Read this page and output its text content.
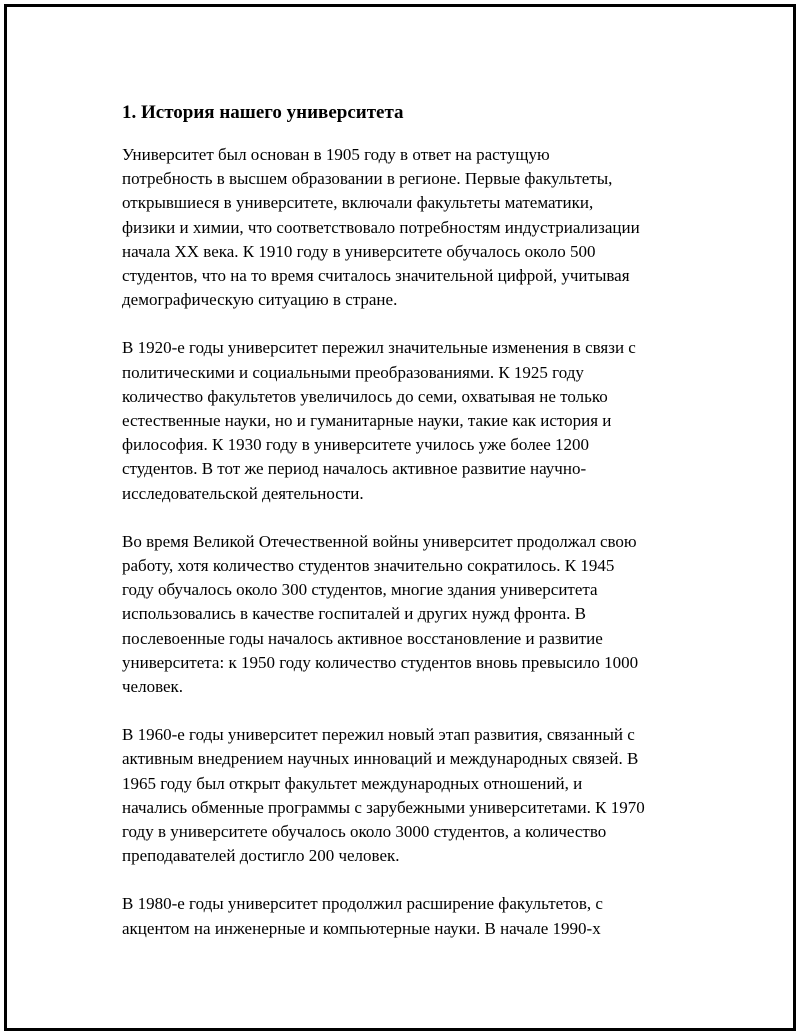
1. История нашего университета

Университет был основан в 1905 году в ответ на растущую
потребность в высшем образовании в регионе. Первые факультеты,
открывшиеся в университете, включали факультеты математики,
физики и химии, что соответствовало потребностям индустриализации
начала XX века. К 1910 году в университете обучалось около 500
студентов, что на то время считалось значительной цифрой, учитывая
демографическую ситуацию в стране.

В 1920-е годы университет пережил значительные изменения в связи с
политическими и социальными преобразованиями. К 1925 году
количество факультетов увеличилось до семи, охватывая не только
естественные науки, но и гуманитарные науки, такие как история и
философия. К 1930 году в университете училось уже более 1200
студентов. В тот же период началось активное развитие научно-
исследовательской деятельности.

Во время Великой Отечественной войны университет продолжал свою
работу, хотя количество студентов значительно сократилось. К 1945
году обучалось около 300 студентов, многие здания университета
использовались в качестве госпиталей и других нужд фронта. В
послевоенные годы началось активное восстановление и развитие
университета: к 1950 году количество студентов вновь превысило 1000
человек.

В 1960-е годы университет пережил новый этап развития, связанный с
активным внедрением научных инноваций и международных связей. В
1965 году был открыт факультет международных отношений, и
начались обменные программы с зарубежными университетами. К 1970
году в университете обучалось около 3000 студентов, а количество
преподавателей достигло 200 человек.

В 1980-е годы университет продолжил расширение факультетов, с
акцентом на инженерные и компьютерные науки. В начале 1990-х
